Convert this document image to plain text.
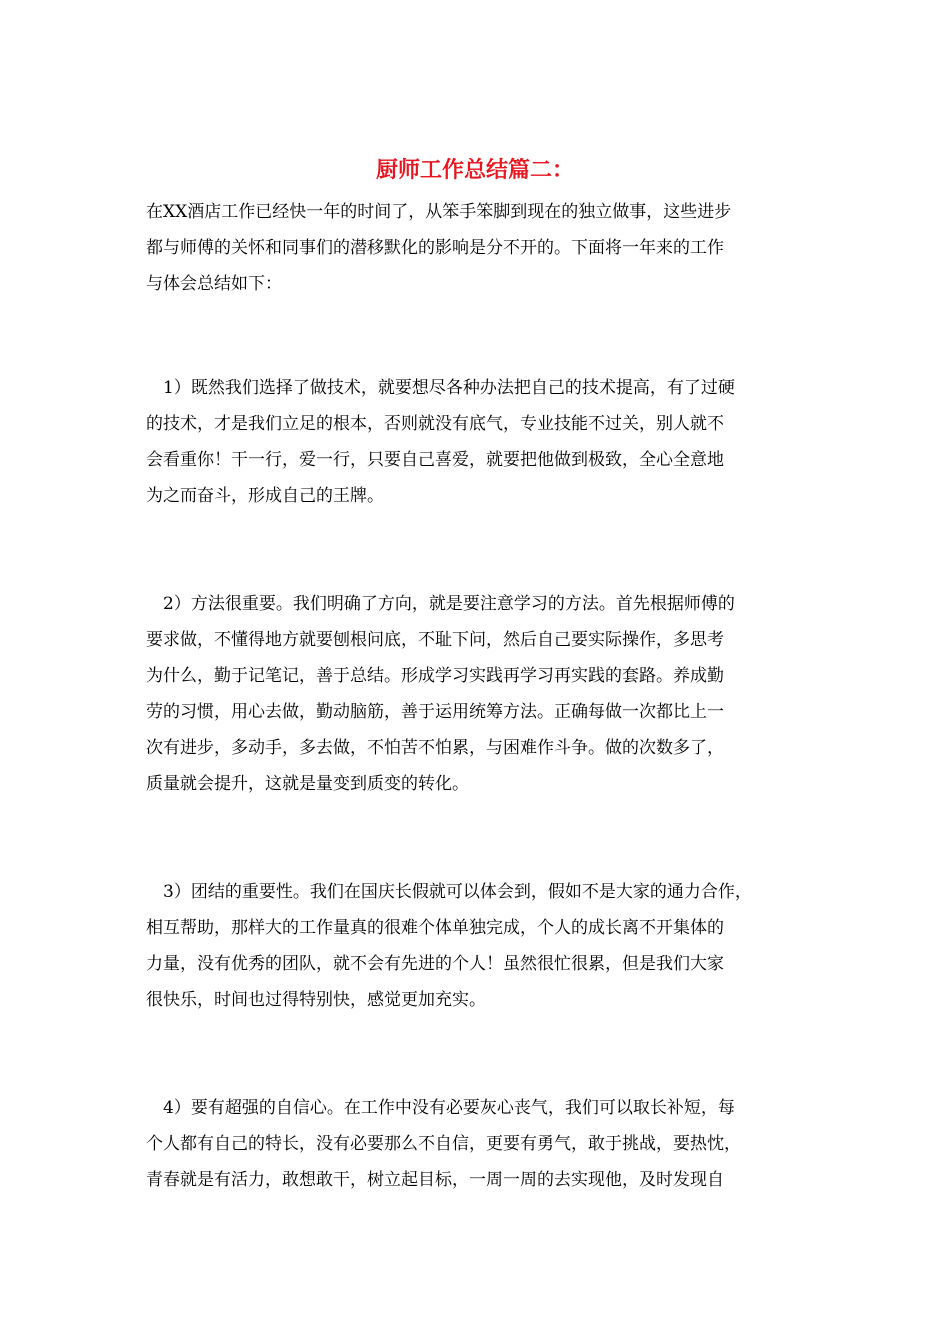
厨师工作总结篇二：
在XX酒店工作已经快一年的时间了，从笨手笨脚到现在的独立做事，这些进步
都与师傅的关怀和同事们的潜移默化的影响是分不开的。下面将一年来的工作
与体会总结如下：
1）既然我们选择了做技术，就要想尽各种办法把自己的技术提高，有了过硬
的技术，才是我们立足的根本，否则就没有底气，专业技能不过关，别人就不
会看重你！干一行，爱一行，只要自己喜爱，就要把他做到极致，全心全意地
为之而奋斗，形成自己的王牌。
2）方法很重要。我们明确了方向，就是要注意学习的方法。首先根据师傅的
要求做，不懂得地方就要刨根问底，不耻下问，然后自己要实际操作，多思考
为什么，勤于记笔记，善于总结。形成学习实践再学习再实践的套路。养成勤
劳的习惯，用心去做，勤动脑筋，善于运用统筹方法。正确每做一次都比上一
次有进步，多动手，多去做，不怕苦不怕累，与困难作斗争。做的次数多了，
质量就会提升，这就是量变到质变的转化。
3）团结的重要性。我们在国庆长假就可以体会到，假如不是大家的通力合作，
相互帮助，那样大的工作量真的很难个体单独完成，个人的成长离不开集体的
力量，没有优秀的团队，就不会有先进的个人！虽然很忙很累，但是我们大家
很快乐，时间也过得特别快，感觉更加充实。
4）要有超强的自信心。在工作中没有必要灰心丧气，我们可以取长补短，每
个人都有自己的特长，没有必要那么不自信，更要有勇气，敢于挑战，要热忱，
青春就是有活力，敢想敢干，树立起目标，一周一周的去实现他，及时发现自
